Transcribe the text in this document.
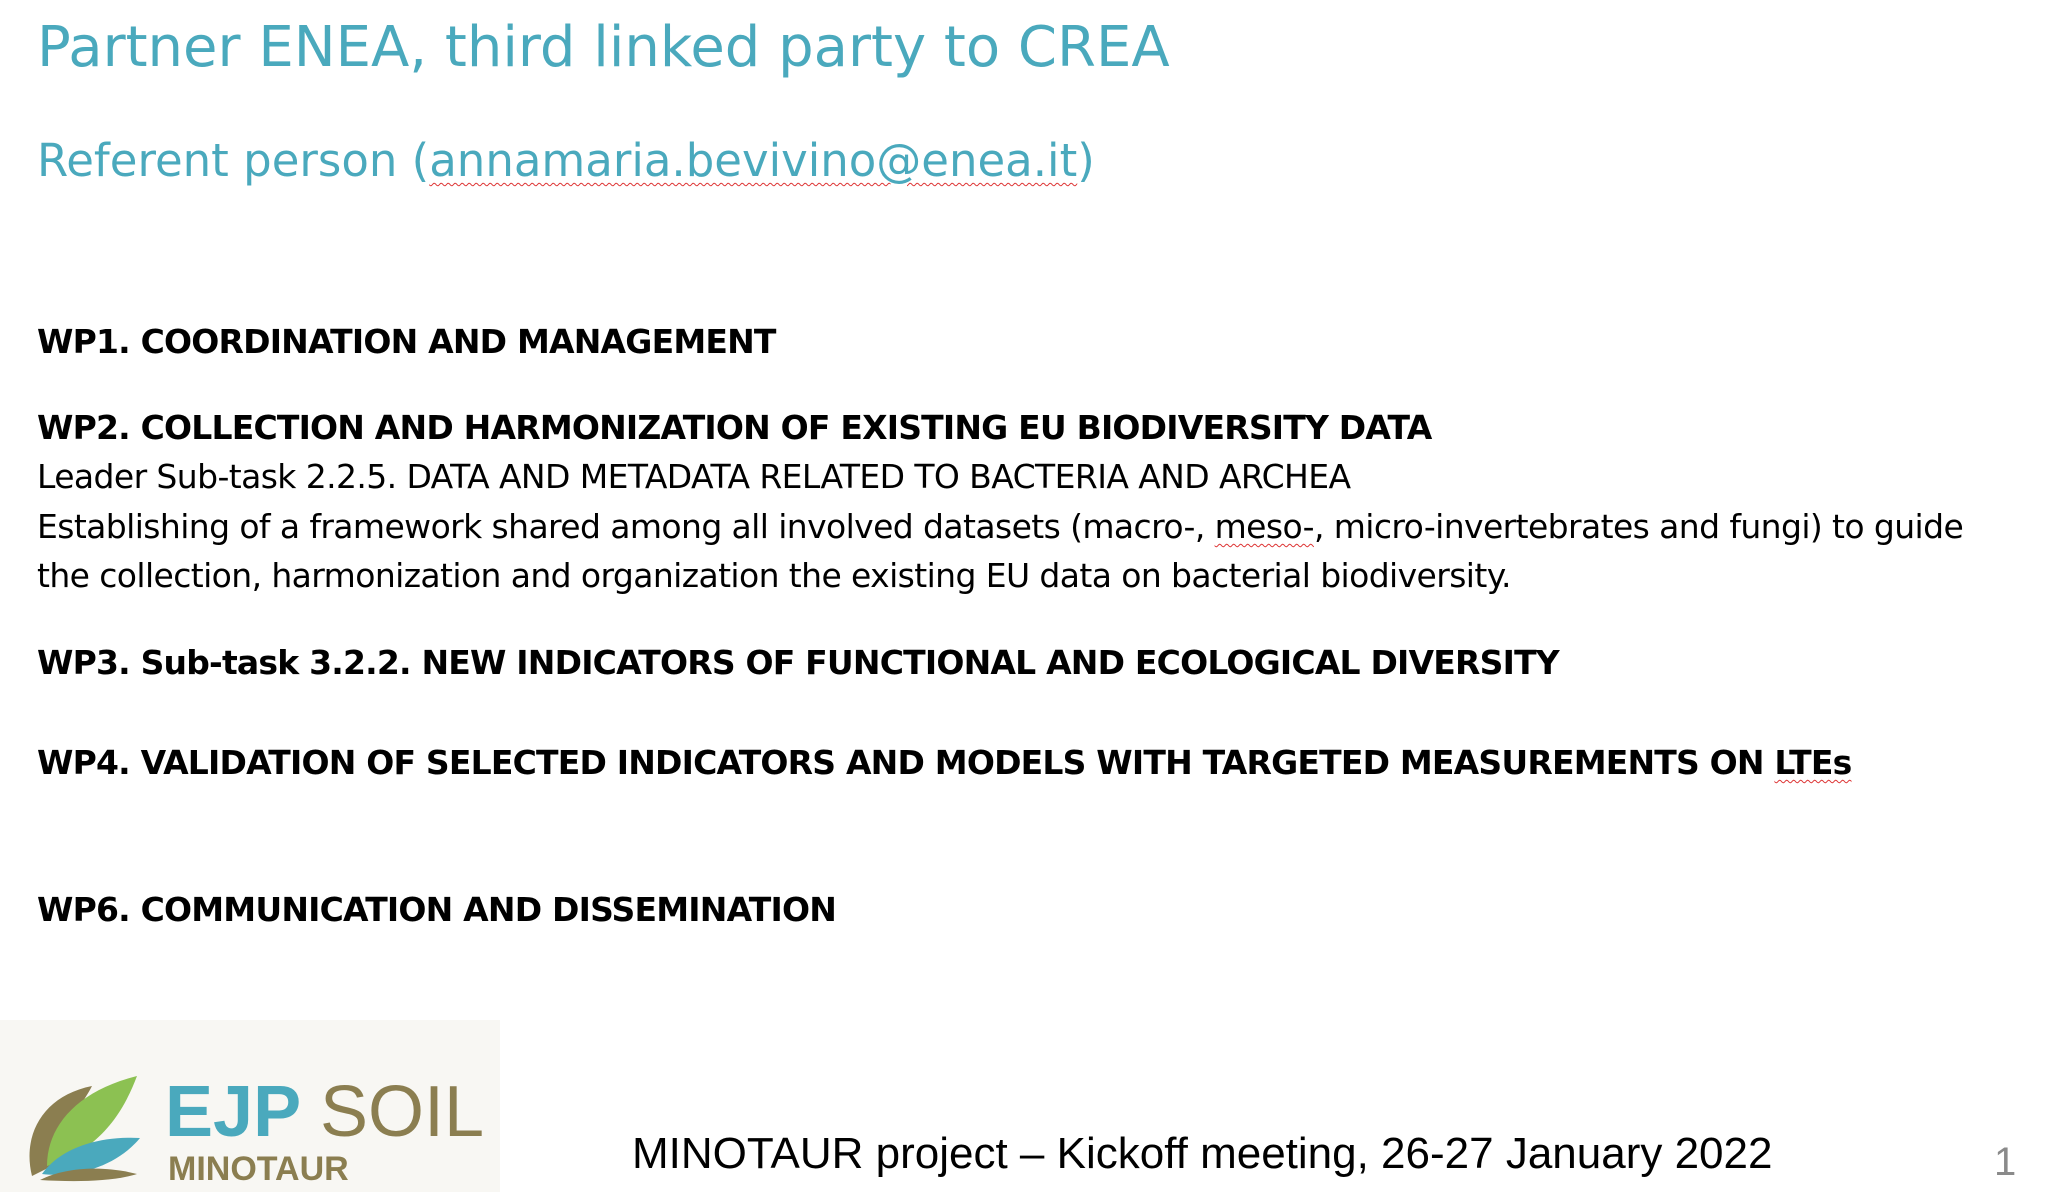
Partner ENEA, third linked party to CREA
Referent person (annamaria.bevivino@enea.it)
WP1. COORDINATION AND MANAGEMENT
WP2. COLLECTION AND HARMONIZATION OF EXISTING EU BIODIVERSITY DATA
Leader Sub-task 2.2.5. DATA AND METADATA RELATED TO BACTERIA AND ARCHEA
Establishing of a framework shared among all involved datasets (macro-, meso-, micro-invertebrates and fungi) to guide
the collection, harmonization and organization the existing EU data on bacterial biodiversity.
WP3. Sub-task 3.2.2. NEW INDICATORS OF FUNCTIONAL AND ECOLOGICAL DIVERSITY
WP4. VALIDATION OF SELECTED INDICATORS AND MODELS WITH TARGETED MEASUREMENTS ON LTEs
WP6. COMMUNICATION AND DISSEMINATION
EJP SOIL
MINOTAUR	MINOTAUR project – Kickoff meeting, 26-27 January 2022	1
